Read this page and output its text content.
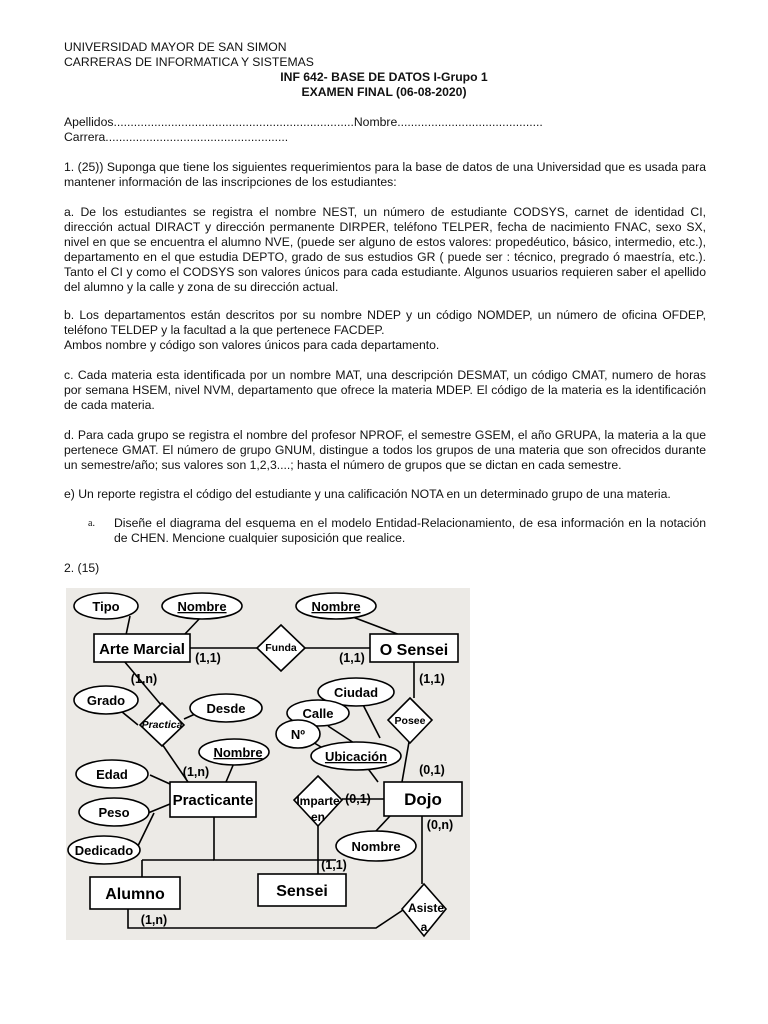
UNIVERSIDAD MAYOR DE SAN SIMON
CARRERAS DE INFORMATICA Y SISTEMAS
INF 642- BASE DE DATOS I-Grupo 1
EXAMEN FINAL (06-08-2020)
Apellidos.......................................................................Nombre...........................................
Carrera......................................................
1. (25)) Suponga que tiene los siguientes requerimientos para la base de datos de una Universidad que es usada para mantener información de las inscripciones de los estudiantes:
a. De los estudiantes se registra el nombre NEST, un número de estudiante CODSYS, carnet de identidad CI, dirección actual DIRACT y dirección permanente DIRPER, teléfono TELPER, fecha de nacimiento FNAC, sexo SX, nivel en que se encuentra el alumno NVE, (puede ser alguno de estos valores: propedéutico, básico, intermedio, etc.), departamento en el que estudia DEPTO, grado de sus estudios GR ( puede ser : técnico, pregrado ó maestría, etc.). Tanto el CI y como el CODSYS son valores únicos para cada estudiante. Algunos usuarios requieren saber el apellido del alumno y la calle y zona de su dirección actual.

b. Los departamentos están descritos por su nombre NDEP y un código NOMDEP, un número de oficina OFDEP, teléfono TELDEP y la facultad a la que pertenece FACDEP.

Ambos nombre y código son valores únicos para cada departamento.

c. Cada materia esta identificada por un nombre MAT, una descripción DESMAT, un código CMAT, numero de horas por semana HSEM, nivel NVM, departamento que ofrece la materia MDEP. El código de la materia es la identificación de cada materia.
d. Para cada grupo se registra el nombre del profesor NPROF, el semestre GSEM, el año GRUPA, la materia a la que pertenece GMAT. El número de grupo GNUM, distingue a todos los grupos de una materia que son ofrecidos durante un semestre/año; sus valores son 1,2,3....; hasta el número de grupos que se dictan en cada semestre.
e) Un reporte registra el código del estudiante y una calificación NOTA en un determinado grupo de una materia.
a. Diseñe el diagrama del esquema en el modelo Entidad-Relacionamiento, de esa información en la notación de CHEN. Mencione cualquier suposición que realice.
2. (15)
Tipo	Nombre	Nombre
Grado
Desde
Ciudad
Calle
Nº
Ubicación
Nombre
Edad
Peso
Dedicado	Nombre
Arte Marcial	O Sensei
Practicante	Dojo
Alumno	Sensei
Funda
Practica	Posee
Imparte
en
Asiste
a
(1,1)	(1,1)
(1,n)	(1,1)
(1,n)	(0,1)
(0,1)
(0,n)
(1,1)
(1,n)
